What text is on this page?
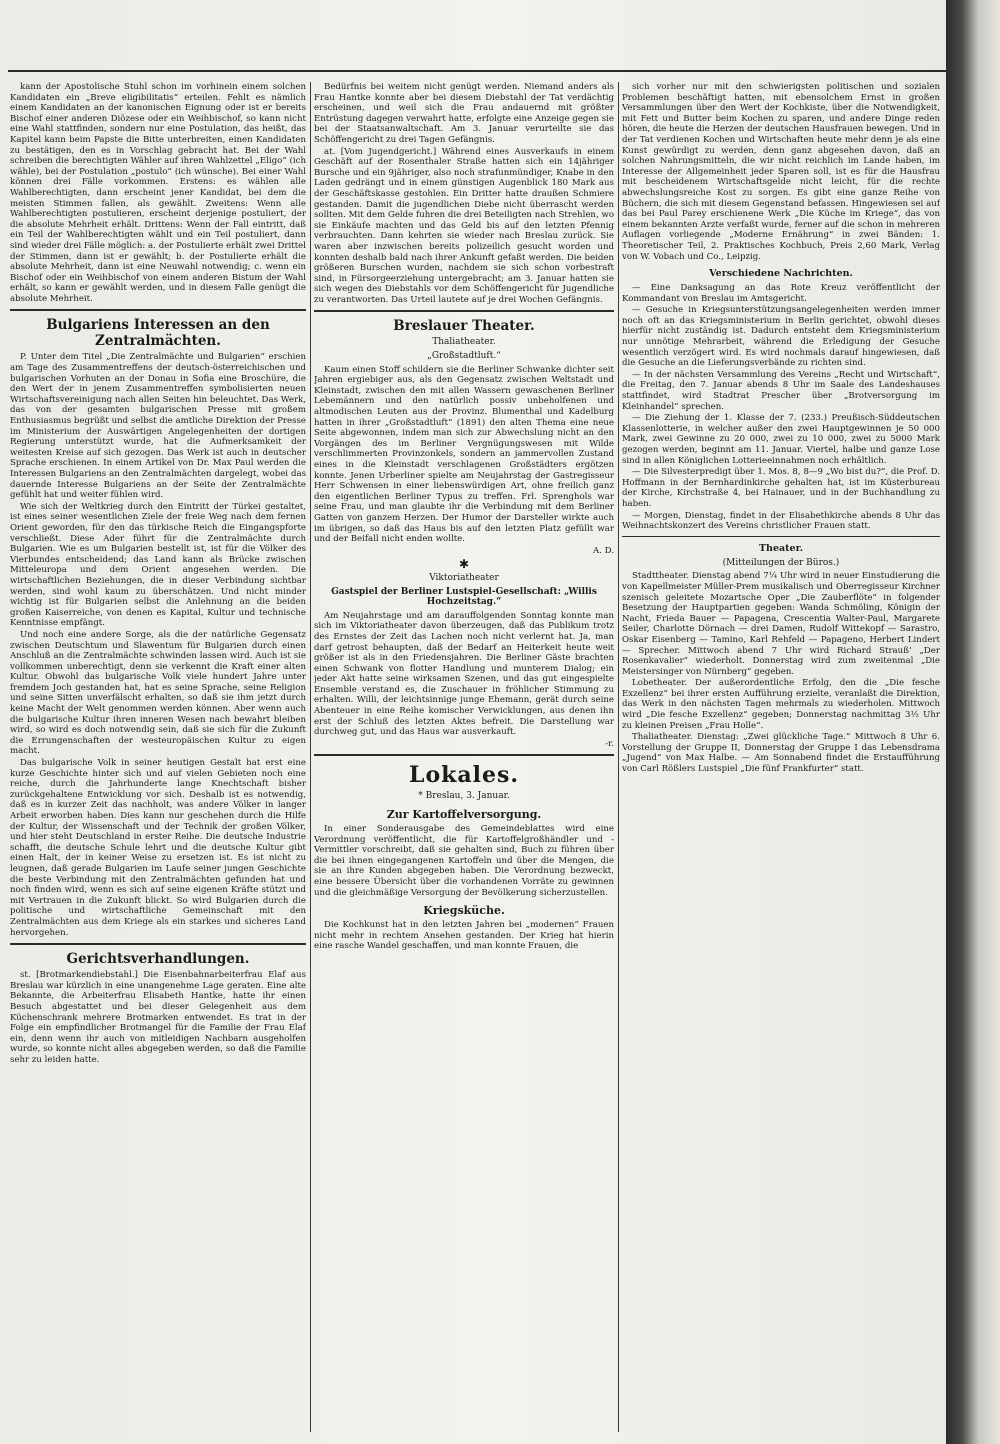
kann der Apostolische Stuhl schon im vorhinein einem solchen Kandidaten ein „Breve eligibilitatis“ erteilen. Fehlt es nämlich einem Kandidaten an der kanonischen Eignung oder ist er bereits Bischof einer anderen Diözese oder ein Weihbischof, so kann nicht eine Wahl stattfinden, sondern nur eine Postulation, das heißt, das Kapitel kann beim Papste die Bitte unterbreiten, einen Kandidaten zu bestätigen, den es in Vorschlag gebracht hat. Bei der Wahl schreiben die berechtigten Wähler auf ihren Wahlzettel „Eligo“ (ich wähle), bei der Postulation „postulo“ (ich wünsche). Bei einer Wahl können drei Fälle vorkommen. Erstens: es wählen alle Wahlberechtigten, dann erscheint jener Kandidat, bei dem die meisten Stimmen fallen, als gewählt. Zweitens: Wenn alle Wahlberechtigten postulieren, erscheint derjenige postuliert, der die absolute Mehrheit erhält. Drittens: Wenn der Fall eintritt, daß ein Teil der Wahlberechtigten wählt und ein Teil postuliert, dann sind wieder drei Fälle möglich: a. der Postulierte erhält zwei Drittel der Stimmen, dann ist er gewählt; b. der Postulierte erhält die absolute Mehrheit, dann ist eine Neuwahl notwendig; c. wenn ein Bischof oder ein Weihbischof von einem anderen Bistum der Wahl erhält, so kann er gewählt werden, und in diesem Falle genügt die absolute Mehrheit.

Bulgariens Interessen an den Zentralmächten.

P. Unter dem Titel „Die Zentralmächte und Bulgarien“ erschien am Tage des Zusammentreffens der deutsch-österreichischen und bulgarischen Vorhuten an der Donau in Sofia eine Broschüre, die den Wert der in jenem Zusammentreffen symbolisierten neuen Wirtschaftsvereinigung nach allen Seiten hin beleuchtet. Das Werk, das von der gesamten bulgarischen Presse mit großem Enthusiasmus begrüßt und selbst die amtliche Direktion der Presse im Ministerium der Auswärtigen Angelegenheiten der dortigen Regierung unterstützt wurde, hat die Aufmerksamkeit der weitesten Kreise auf sich gezogen. Das Werk ist auch in deutscher Sprache erschienen. In einem Artikel von Dr. Max Paul werden die Interessen Bulgariens an den Zentralmächten dargelegt, wobei das dauernde Interesse Bulgariens an der Seite der Zentralmächte gefühlt hat und weiter fühlen wird.

Wie sich der Weltkrieg durch den Eintritt der Türkei gestaltet, ist eines seiner wesentlichen Ziele der freie Weg nach dem fernen Orient geworden, für den das türkische Reich die Eingangspforte verschließt. Diese Ader führt für die Zentralmächte durch Bulgarien. Wie es um Bulgarien bestellt ist, ist für die Völker des Vierbundes entscheidend; das Land kann als Brücke zwischen Mitteleuropa und dem Orient angesehen werden. Die wirtschaftlichen Beziehungen, die in dieser Verbindung sichtbar werden, sind wohl kaum zu überschätzen. Und nicht minder wichtig ist für Bulgarien selbst die Anlehnung an die beiden großen Kaiserreiche, von denen es Kapital, Kultur und technische Kenntnisse empfängt.

Und noch eine andere Sorge, als die der natürliche Gegensatz zwischen Deutschtum und Slawentum für Bulgarien durch einen Anschluß an die Zentralmächte schwinden lassen wird. Auch ist sie vollkommen unberechtigt, denn sie verkennt die Kraft einer alten Kultur. Obwohl das bulgarische Volk viele hundert Jahre unter fremdem Joch gestanden hat, hat es seine Sprache, seine Religion und seine Sitten unverfälscht erhalten, so daß sie ihm jetzt durch keine Macht der Welt genommen werden können. Aber wenn auch die bulgarische Kultur ihren inneren Wesen nach bewahrt bleiben wird, so wird es doch notwendig sein, daß sie sich für die Zukunft die Errungenschaften der westeuropäischen Kultur zu eigen macht.

Das bulgarische Volk in seiner heutigen Gestalt hat erst eine kurze Geschichte hinter sich und auf vielen Gebieten noch eine reiche, durch die Jahrhunderte lange Knechtschaft bisher zurückgehaltene Entwicklung vor sich. Deshalb ist es notwendig, daß es in kurzer Zeit das nachholt, was andere Völker in langer Arbeit erworben haben. Dies kann nur geschehen durch die Hilfe der Kultur, der Wissenschaft und der Technik der großen Völker, und hier steht Deutschland in erster Reihe. Die deutsche Industrie schafft, die deutsche Schule lehrt und die deutsche Kultur gibt einen Halt, der in keiner Weise zu ersetzen ist. Es ist nicht zu leugnen, daß gerade Bulgarien im Laufe seiner jungen Geschichte die beste Verbindung mit den Zentralmächten gefunden hat und noch finden wird, wenn es sich auf seine eigenen Kräfte stützt und mit Vertrauen in die Zukunft blickt. So wird Bulgarien durch die politische und wirtschaftliche Gemeinschaft mit den Zentralmächten aus dem Kriege als ein starkes und sicheres Land hervorgehen.

Gerichtsverhandlungen.

st. [Brotmarkendiebstahl.] Die Eisenbahnarbeiterfrau Elaf aus Breslau war kürzlich in eine unangenehme Lage geraten. Eine alte Bekannte, die Arbeiterfrau Elisabeth Hantke, hatte ihr einen Besuch abgestattet und bei dieser Gelegenheit aus dem Küchenschrank mehrere Brotmarken entwendet. Es trat in der Folge ein empfindlicher Brotmangel für die Familie der Frau Elaf ein, denn wenn ihr auch von mitleidigen Nachbarn ausgeholfen wurde, so konnte nicht alles abgegeben werden, so daß die Familie sehr zu leiden hatte.

Bedürfnis bei weitem nicht genügt werden. Niemand anders als Frau Hantke konnte aber bei diesem Diebstahl der Tat verdächtig erscheinen, und weil sich die Frau andauernd mit größter Entrüstung dagegen verwahrt hatte, erfolgte eine Anzeige gegen sie bei der Staatsanwaltschaft. Am 3. Januar verurteilte sie das Schöffengericht zu drei Tagen Gefängnis.

at. [Vom Jugendgericht.] Während eines Ausverkaufs in einem Geschäft auf der Rosenthaler Straße hatten sich ein 14jähriger Bursche und ein 9jähriger, also noch strafunmündiger, Knabe in den Laden gedrängt und in einem günstigen Augenblick 180 Mark aus der Geschäftskasse gestohlen. Ein Dritter hatte draußen Schmiere gestanden. Damit die jugendlichen Diebe nicht überrascht werden sollten. Mit dem Gelde fuhren die drei Beteiligten nach Strehlen, wo sie Einkäufe machten und das Geld bis auf den letzten Pfennig verbrauchten. Dann kehrten sie wieder nach Breslau zurück. Sie waren aber inzwischen bereits polizeilich gesucht worden und konnten deshalb bald nach ihrer Ankunft gefaßt werden. Die beiden größeren Burschen wurden, nachdem sie sich schon vorbestraft sind, in Fürsorgeerziehung untergebracht; am 3. Januar hatten sie sich wegen des Diebstahls vor dem Schöffengericht für Jugendliche zu verantworten. Das Urteil lautete auf je drei Wochen Gefängnis.

Breslauer Theater.
Thaliatheater.
„Großstadtluft.“

Kaum einen Stoff schildern sie die Berliner Schwanke dichter seit Jahren ergiebiger aus, als den Gegensatz zwischen Weltstadt und Kleinstadt, zwischen den mit allen Wassern gewaschenen Berliner Lebemännern und den natürlich possiv unbeholfenen und altmodischen Leuten aus der Provinz. Blumenthal und Kadelburg hatten in ihrer „Großstadtluft“ (1891) den alten Thema eine neue Seite abgewonnen, indem man sich zur Abwechslung nicht an den Vorgängen des im Berliner Vergnügungswesen mit Wilde verschlimmerten Provinzonkels, sondern an jammervollen Zustand eines in die Kleinstadt verschlagenen Großstädters ergötzen konnte. Jenen Urberliner spielte am Neujahrstag der Gastregisseur Herr Schwensen in einer liebenswürdigen Art, ohne freilich ganz den eigentlichen Berliner Typus zu treffen. Frl. Sprenghols war seine Frau, und man glaubte ihr die Verbindung mit dem Berliner Gatten von ganzem Herzen. Der Humor der Darsteller wirkte auch im übrigen, so daß das Haus bis auf den letzten Platz gefüllt war und der Beifall nicht enden wollte.

A. D.
✱
Viktoriatheater
Gastspiel der Berliner Lustspiel-Gesellschaft: „Willis Hochzeitstag.“

Am Neujahrstage und am darauffolgenden Sonntag konnte man sich im Viktoriatheater davon überzeugen, daß das Publikum trotz des Ernstes der Zeit das Lachen noch nicht verlernt hat. Ja, man darf getrost behaupten, daß der Bedarf an Heiterkeit heute weit größer ist als in den Friedensjahren. Die Berliner Gäste brachten einen Schwank von flotter Handlung und munterem Dialog; ein jeder Akt hatte seine wirksamen Szenen, und das gut eingespielte Ensemble verstand es, die Zuschauer in fröhlicher Stimmung zu erhalten. Willi, der leichtsinnige junge Ehemann, gerät durch seine Abenteuer in eine Reihe komischer Verwicklungen, aus denen ihn erst der Schluß des letzten Aktes befreit. Die Darstellung war durchweg gut, und das Haus war ausverkauft.

-r.
Lokales.
* Breslau, 3. Januar.
Zur Kartoffelversorgung.

In einer Sonderausgabe des Gemeindeblattes wird eine Verordnung veröffentlicht, die für Kartoffelgroßhändler und -Vermittler vorschreibt, daß sie gehalten sind, Buch zu führen über die bei ihnen eingegangenen Kartoffeln und über die Mengen, die sie an ihre Kunden abgegeben haben. Die Verordnung bezweckt, eine bessere Übersicht über die vorhandenen Vorräte zu gewinnen und die gleichmäßige Versorgung der Bevölkerung sicherzustellen.

Kriegsküche.

Die Kochkunst hat in den letzten Jahren bei „modernen“ Frauen nicht mehr in rechtem Ansehen gestanden. Der Krieg hat hierin eine rasche Wandel geschaffen, und man konnte Frauen, die

sich vorher nur mit den schwierigsten politischen und sozialen Problemen beschäftigt hatten, mit ebensolchem Ernst in großen Versammlungen über den Wert der Kochkiste, über die Notwendigkeit, mit Fett und Butter beim Kochen zu sparen, und andere Dinge reden hören, die heute die Herzen der deutschen Hausfrauen bewegen. Und in der Tat verdienen Kochen und Wirtschaften heute mehr denn je als eine Kunst gewürdigt zu werden, denn ganz abgesehen davon, daß an solchen Nahrungsmitteln, die wir nicht reichlich im Lande haben, im Interesse der Allgemeinheit jeder Sparen soll, ist es für die Hausfrau mit bescheidenem Wirtschaftsgelde nicht leicht, für die rechte abwechslungsreiche Kost zu sorgen. Es gibt eine ganze Reihe von Büchern, die sich mit diesem Gegenstand befassen. Hingewiesen sei auf das bei Paul Parey erschienene Werk „Die Küche im Kriege“, das von einem bekannten Arzte verfaßt wurde, ferner auf die schon in mehreren Auflagen vorliegende „Moderne Ernährung“ in zwei Bänden: 1. Theoretischer Teil, 2. Praktisches Kochbuch, Preis 2,60 Mark, Verlag von W. Vobach und Co., Leipzig.

Verschiedene Nachrichten.

— Eine Danksagung an das Rote Kreuz veröffentlicht der Kommandant von Breslau im Amtsgericht.

— Gesuche in Kriegsunterstützungsangelegenheiten werden immer noch oft an das Kriegsministerium in Berlin gerichtet, obwohl dieses hierfür nicht zuständig ist. Dadurch entsteht dem Kriegsministerium nur unnötige Mehrarbeit, während die Erledigung der Gesuche wesentlich verzögert wird. Es wird nochmals darauf hingewiesen, daß die Gesuche an die Lieferungsverbände zu richten sind.

— In der nächsten Versammlung des Vereins „Recht und Wirtschaft“, die Freitag, den 7. Januar abends 8 Uhr im Saale des Landeshauses stattfindet, wird Stadtrat Prescher über „Brotversorgung im Kleinhandel“ sprechen.

— Die Ziehung der 1. Klasse der 7. (233.) Preußisch-Süddeutschen Klassenlotterie, in welcher außer den zwei Hauptgewinnen je 50 000 Mark, zwei Gewinne zu 20 000, zwei zu 10 000, zwei zu 5000 Mark gezogen werden, beginnt am 11. Januar. Viertel, halbe und ganze Lose sind in allen Königlichen Lotterieeinnahmen noch erhältlich.

— Die Silvesterpredigt über 1. Mos. 8, 8—9 „Wo bist du?“, die Prof. D. Hoffmann in der Bernhardinkirche gehalten hat, ist im Küsterbureau der Kirche, Kirchstraße 4, bei Hainauer, und in der Buchhandlung zu haben.

— Morgen, Dienstag, findet in der Elisabethkirche abends 8 Uhr das Weihnachtskonzert des Vereins christlicher Frauen statt.

Theater.
(Mitteilungen der Büros.)

Stadttheater. Dienstag abend 7¼ Uhr wird in neuer Einstudierung die von Kapellmeister Müller-Prem musikalisch und Oberregisseur Kirchner szenisch geleitete Mozartsche Oper „Die Zauberflöte“ in folgender Besetzung der Hauptpartien gegeben: Wanda Schmöling, Königin der Nacht, Frieda Bauer — Papagena, Crescentia Walter-Paul, Margarete Seiler, Charlotte Dörnach — drei Damen, Rudolf Wittekopf — Sarastro, Oskar Eisenberg — Tamino, Karl Rehfeld — Papageno, Herbert Lindert — Sprecher. Mittwoch abend 7 Uhr wird Richard Strauß’ „Der Rosenkavalier“ wiederholt. Donnerstag wird zum zweitenmal „Die Meistersinger von Nürnberg“ gegeben.

Lobetheater. Der außerordentliche Erfolg, den die „Die fesche Exzellenz“ bei ihrer ersten Aufführung erzielte, veranlaßt die Direktion, das Werk in den nächsten Tagen mehrmals zu wiederholen. Mittwoch wird „Die fesche Exzellenz“ gegeben; Donnerstag nachmittag 3½ Uhr zu kleinen Preisen „Frau Holle“.

Thaliatheater. Dienstag: „Zwei glückliche Tage.“ Mittwoch 8 Uhr 6. Vorstellung der Gruppe II, Donnerstag der Gruppe I das Lebensdrama „Jugend“ von Max Halbe. — Am Sonnabend findet die Erstaufführung von Carl Rößlers Lustspiel „Die fünf Frankfurter“ statt.
